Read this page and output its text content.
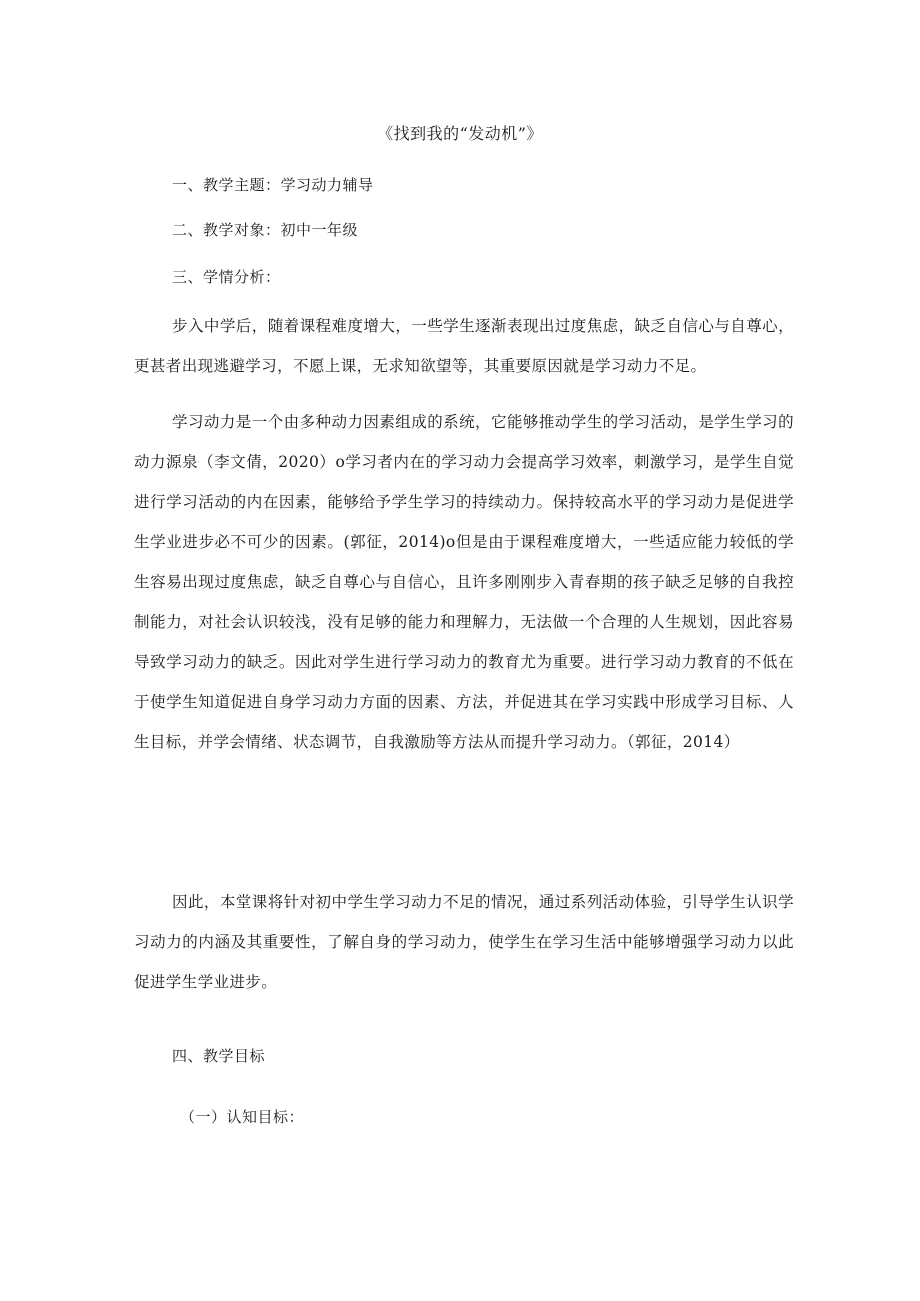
《找到我的“发动机”》
一、教学主题：学习动力辅导
二、教学对象：初中一年级
三、学情分析：

步入中学后，随着课程难度增大，一些学生逐渐表现出过度焦虑，缺乏自信心与自尊心，更甚者出现逃避学习，不愿上课，无求知欲望等，其重要原因就是学习动力不足。

学习动力是一个由多种动力因素组成的系统，它能够推动学生的学习活动，是学生学习的动力源泉（李文倩，2020）o学习者内在的学习动力会提高学习效率，刺激学习，是学生自觉进行学习活动的内在因素，能够给予学生学习的持续动力。保持较高水平的学习动力是促进学生学业进步必不可少的因素。(郭征，2014)o但是由于课程难度增大，一些适应能力较低的学生容易出现过度焦虑，缺乏自尊心与自信心，且许多刚刚步入青春期的孩子缺乏足够的自我控制能力，对社会认识较浅，没有足够的能力和理解力，无法做一个合理的人生规划，因此容易导致学习动力的缺乏。因此对学生进行学习动力的教育尤为重要。进行学习动力教育的不低在于使学生知道促进自身学习动力方面的因素、方法，并促进其在学习实践中形成学习目标、人生目标，并学会情绪、状态调节，自我激励等方法从而提升学习动力。（郭征，2014）

因此，本堂课将针对初中学生学习动力不足的情况，通过系列活动体验，引导学生认识学习动力的内涵及其重要性，了解自身的学习动力，使学生在学习生活中能够增强学习动力以此促进学生学业进步。

四、教学目标
（一）认知目标：
